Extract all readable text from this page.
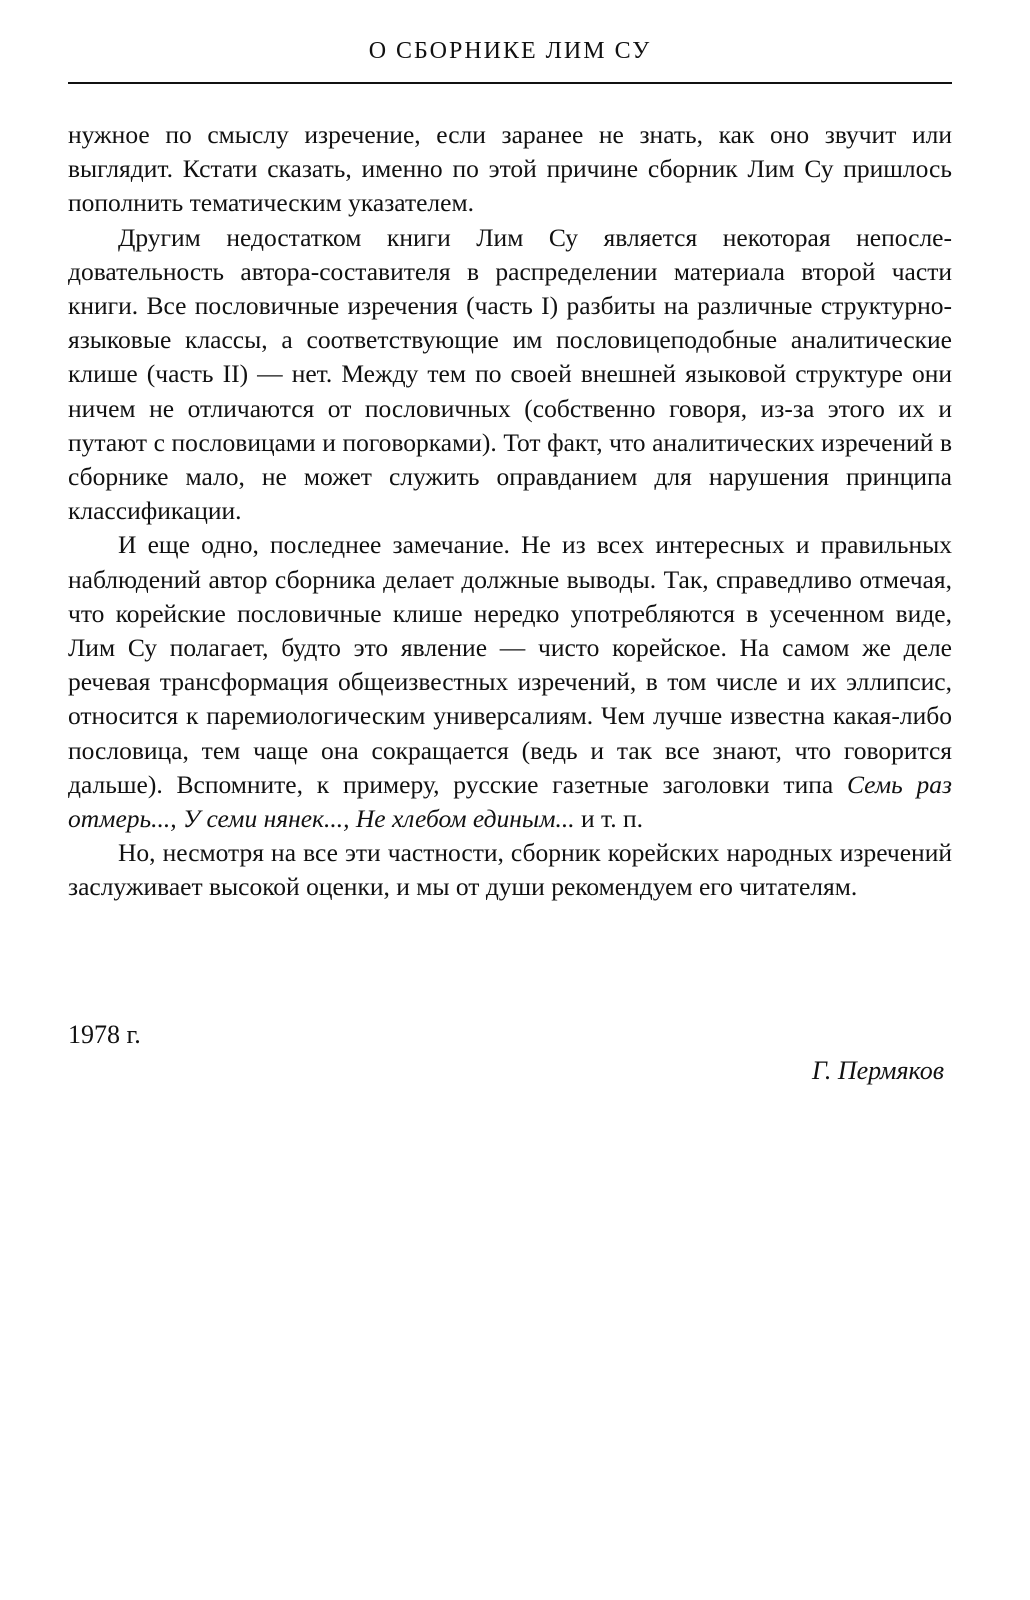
О СБОРНИКЕ ЛИМ СУ

нужное по смыслу изречение, если заранее не знать, как оно звучит или выглядит. Кстати сказать, именно по этой причине сборник Лим Су пришлось пополнить тематическим указателем.

Другим недостатком книги Лим Су является некоторая непоследовательность автора-составителя в распределении материала второй части книги. Все пословичные изречения (часть I) разбиты на различные структурно-языковые классы, а соответствующие им пословицеподобные аналитические клише (часть II) — нет. Между тем по своей внешней языковой структуре они ничем не отличаются от пословичных (собственно говоря, из-за этого их и путают с пословицами и поговорками). Тот факт, что аналитических изречений в сборнике мало, не может служить оправданием для нарушения принципа классификации.

И еще одно, последнее замечание. Не из всех интересных и правильных наблюдений автор сборника делает должные выводы. Так, справедливо отмечая, что корейские пословичные клише нередко употребляются в усеченном виде, Лим Су полагает, будто это явление — чисто корейское. На самом же деле речевая трансформация общеизвестных изречений, в том числе и их эллипсис, относится к паремиологическим универсалиям. Чем лучше известна какая-либо пословица, тем чаще она сокращается (ведь и так все знают, что говорится дальше). Вспомните, к примеру, русские газетные заголовки типа Семь раз отмерь..., У семи нянек..., Не хлебом единым... и т. п.

Но, несмотря на все эти частности, сборник корейских народных изречений заслуживает высокой оценки, и мы от души рекомендуем его читателям.

1978 г.
Г. Пермяков
